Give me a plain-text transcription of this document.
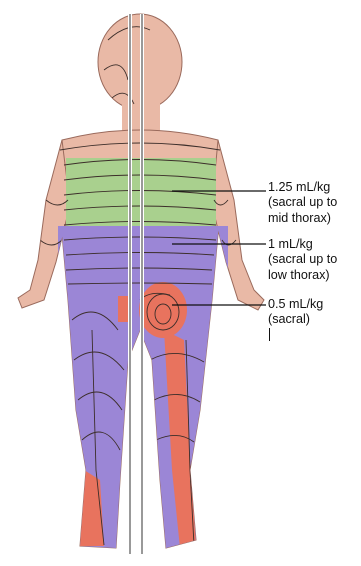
1.25 mL/kg
(sacral up to
mid thorax)
1 mL/kg
(sacral up to
low thorax)
0.5 mL/kg
(sacral)
